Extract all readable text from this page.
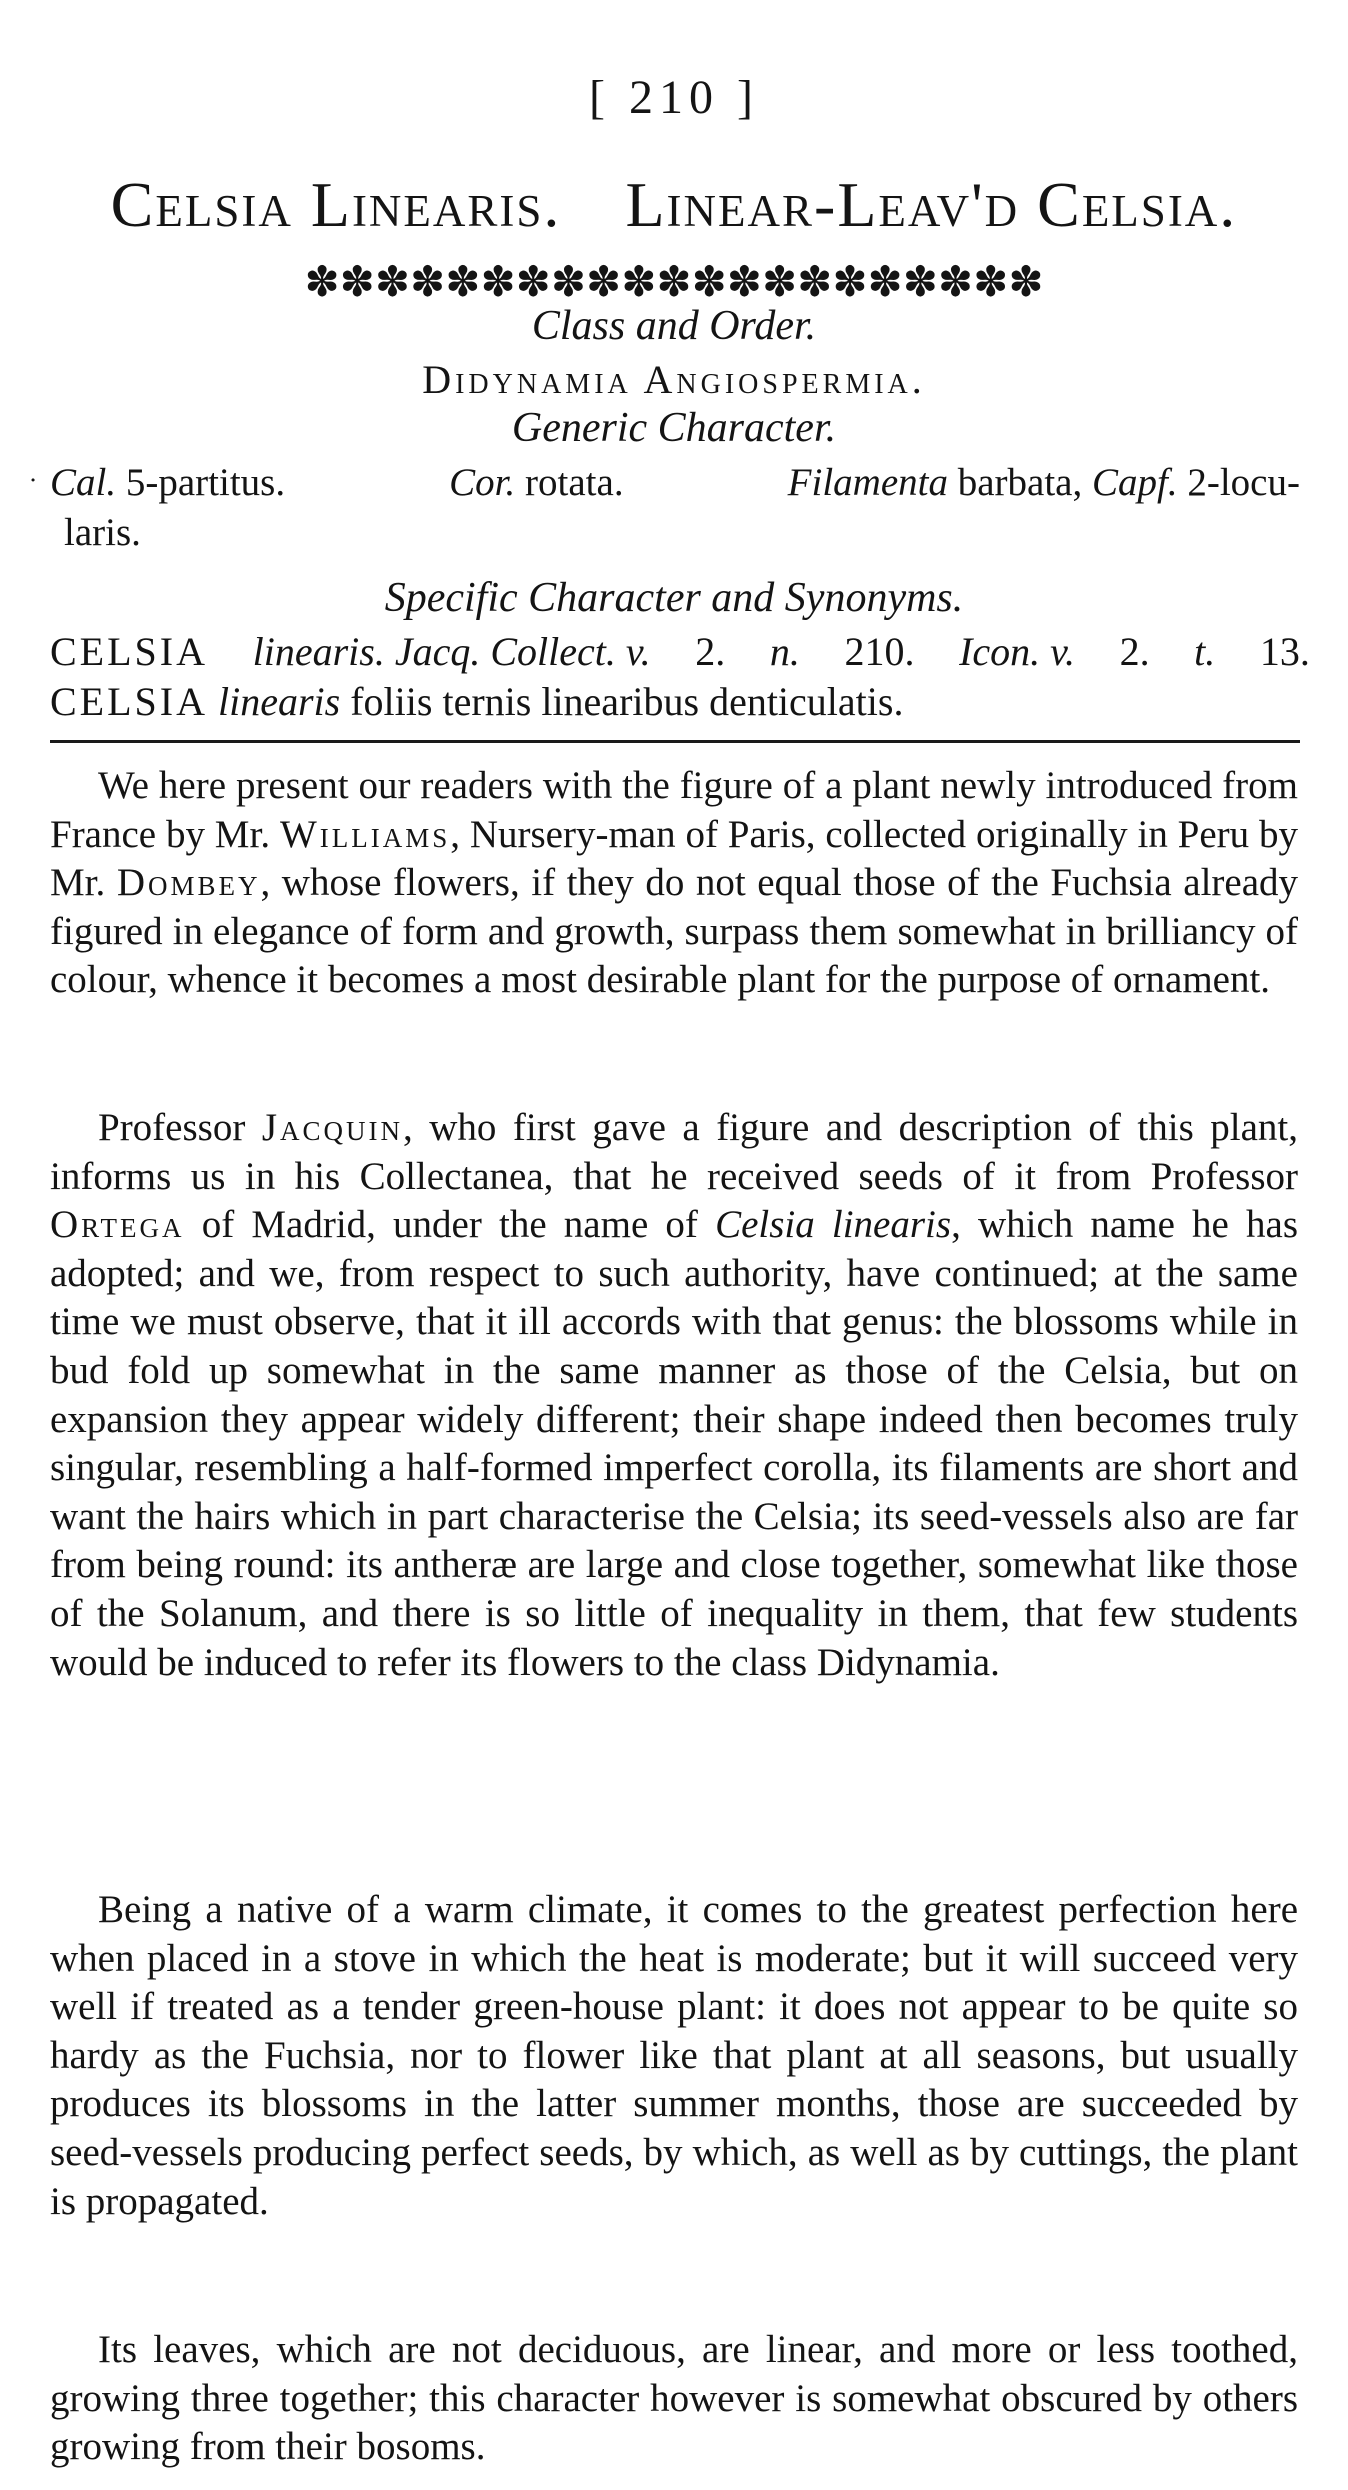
[ 210 ]
Celsia Linearis. Linear-Leav'd Celsia.
✽✽✽✽✽✽✽✽✽✽✽✽✽✽✽✽✽✽✽✽✽
Class and Order.
Didynamia Angiospermia.
Generic Character.
˙ Cal. 5-partitus.	Cor. rotata.	Filamenta barbata, Capf. 2-locu-
laris.
Specific Character and Synonyms.
CELSIA linearis. Jacq. Collect. v. 2. n. 210. Icon. v. 2. t. 13.
CELSIA linearis foliis ternis linearibus denticulatis.

We here present our readers with the figure of a plant newly introduced from France by Mr. Williams, Nursery-man of Paris, collected originally in Peru by Mr. Dombey, whose flowers, if they do not equal those of the Fuchsia already figured in elegance of form and growth, surpass them somewhat in brilliancy of colour, whence it becomes a most desirable plant for the purpose of ornament.

Professor Jacquin, who first gave a figure and description of this plant, informs us in his Collectanea, that he received seeds of it from Professor Ortega of Madrid, under the name of Celsia linearis, which name he has adopted; and we, from respect to such authority, have continued; at the same time we must observe, that it ill accords with that genus: the blossoms while in bud fold up somewhat in the same manner as those of the Celsia, but on expansion they appear widely different; their shape indeed then becomes truly singular, resembling a half-formed imperfect corolla, its filaments are short and want the hairs which in part characterise the Celsia; its seed-vessels also are far from being round: its antheræ are large and close together, somewhat like those of the Solanum, and there is so little of inequality in them, that few students would be induced to refer its flowers to the class Didynamia.

Being a native of a warm climate, it comes to the greatest perfection here when placed in a stove in which the heat is moderate; but it will succeed very well if treated as a tender green-house plant: it does not appear to be quite so hardy as the Fuchsia, nor to flower like that plant at all seasons, but usually produces its blossoms in the latter summer months, those are succeeded by seed-vessels producing perfect seeds, by which, as well as by cuttings, the plant is propagated.

Its leaves, which are not deciduous, are linear, and more or less toothed, growing three together; this character however is somewhat obscured by others growing from their bosoms.
